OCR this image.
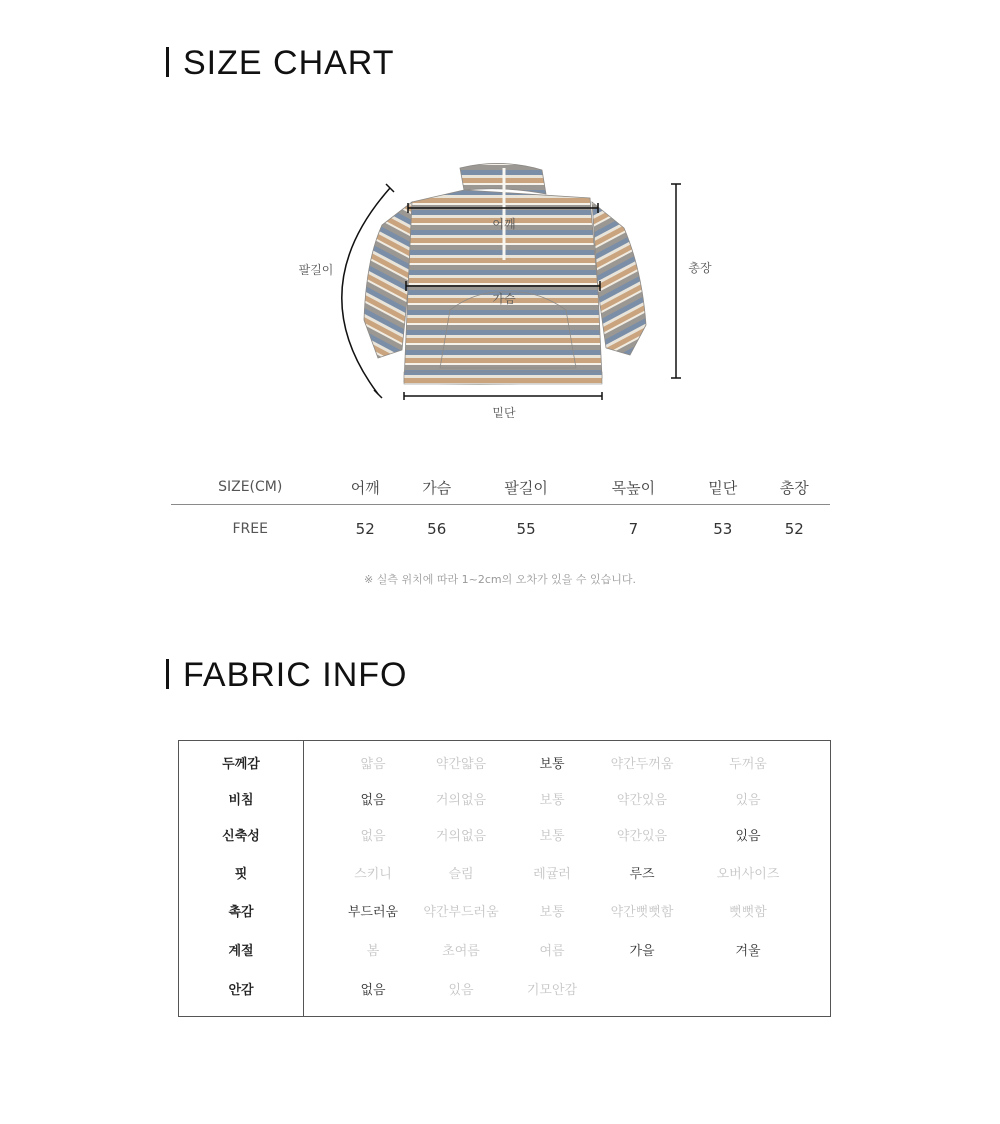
SIZE CHART
어깨
가슴
팔길이	총장
밑단
SIZE(CM)	어깨	가슴	팔길이	목높이	밑단	총장
FREE	52	56	55	7	53	52
※ 실측 위치에 따라 1~2cm의 오차가 있을 수 있습니다.
FABRIC INFO
두께감	얇음	약간얇음	보통	약간두꺼움	두꺼움
비침	없음	거의없음	보통	약간있음	있음
신축성	없음	거의없음	보통	약간있음	있음
핏	스키니	슬림	레귤러	루즈	오버사이즈
촉감	부드러움	약간부드러움	보통	약간뻣뻣함	뻣뻣함
계절	봄	초여름	여름	가을	겨울
안감	없음	있음	기모안감
